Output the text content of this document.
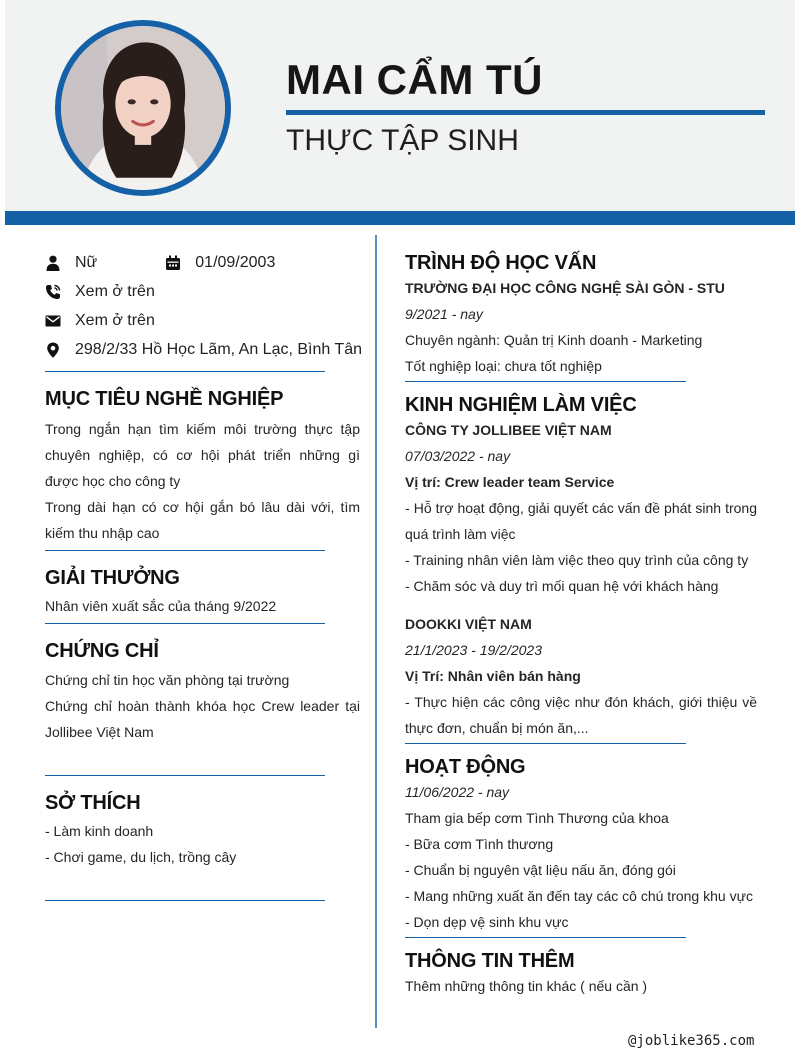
MAI CẨM TÚ
THỰC TẬP SINH
Nữ	01/09/2003
Xem ở trên
Xem ở trên
298/2/33 Hồ Học Lãm, An Lạc, Bình Tân
MỤC TIÊU NGHỀ NGHIỆP
Trong ngắn hạn tìm kiếm môi trường thực tập chuyên nghiệp, có cơ hội phát triển những gì được học cho công ty
Trong dài hạn có cơ hội gắn bó lâu dài với, tìm kiếm thu nhập cao
GIẢI THƯỞNG
Nhân viên xuất sắc của tháng 9/2022
CHỨNG CHỈ
Chứng chỉ tin học văn phòng tại trường
Chứng chỉ hoàn thành khóa học Crew leader tại Jollibee Việt Nam
SỞ THÍCH
- Làm kinh doanh
- Chơi game, du lịch, trồng cây
TRÌNH ĐỘ HỌC VẤN
TRƯỜNG ĐẠI HỌC CÔNG NGHỆ SÀI GÒN - STU
9/2021 - nay
Chuyên ngành: Quản trị Kinh doanh - Marketing
Tốt nghiệp loại: chưa tốt nghiệp
KINH NGHIỆM LÀM VIỆC
CÔNG TY JOLLIBEE VIỆT NAM
07/03/2022 - nay
Vị trí: Crew leader team Service
- Hỗ trợ hoạt động, giải quyết các vấn đề phát sinh trong quá trình làm việc
- Training nhân viên làm việc theo quy trình của công ty
- Chăm sóc và duy trì mối quan hệ với khách hàng
DOOKKI VIỆT NAM
21/1/2023 - 19/2/2023
Vị Trí: Nhân viên bán hàng
- Thực hiện các công việc như đón khách, giới thiệu về thực đơn, chuẩn bị món ăn,...
HOẠT ĐỘNG
11/06/2022 - nay
Tham gia bếp cơm Tình Thương của khoa
- Bữa cơm Tình thương
- Chuẩn bị nguyên vật liệu nấu ăn, đóng gói
- Mang những xuất ăn đến tay các cô chú trong khu vực
- Dọn dẹp vệ sinh khu vực
THÔNG TIN THÊM
Thêm những thông tin khác ( nếu cần )
@joblike365.com
